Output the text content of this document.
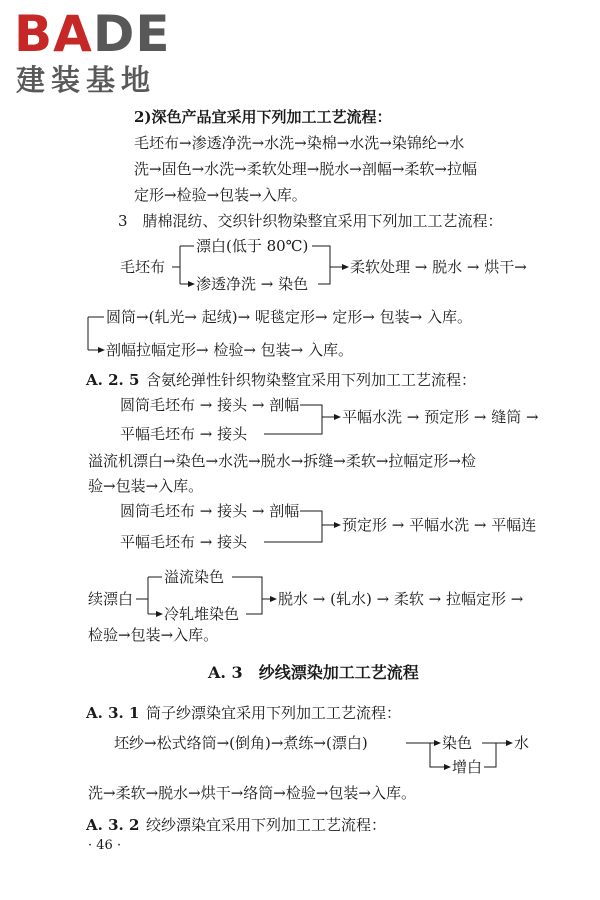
BADE
建装基地
2)深色产品宜采用下列加工工艺流程：
毛坯布→渗透净洗→水洗→染棉→水洗→染锦纶→水
洗→固色→水洗→柔软处理→脱水→剖幅→柔软→拉幅
定形→检验→包装→入库。
3　腈棉混纺、交织针织物染整宜采用下列加工工艺流程：
毛坯布
漂白(低于 80℃)
渗透净洗 → 染色
柔软处理 → 脱水 → 烘干→
圆筒→(轧光→ 起绒)→ 呢毯定形→ 定形→ 包装→ 入库。
剖幅拉幅定形→ 检验→ 包装→ 入库。
A. 2. 5 含氨纶弹性针织物染整宜采用下列加工工艺流程：
圆筒毛坯布 → 接头 → 剖幅
平幅毛坯布 → 接头
平幅水洗 → 预定形 → 缝筒 →
溢流机漂白→染色→水洗→脱水→拆缝→柔软→拉幅定形→检
验→包装→入库。
圆筒毛坯布 → 接头 → 剖幅
平幅毛坯布 → 接头
预定形 → 平幅水洗 → 平幅连
续漂白
溢流染色
冷轧堆染色
脱水 → (轧水) → 柔软 → 拉幅定形 →
检验→包装→入库。
A. 3　纱线漂染加工工艺流程
A. 3. 1 筒子纱漂染宜采用下列加工工艺流程：
坯纱→松式络筒→(倒角)→煮练→(漂白)	染色
增白
水
洗→柔软→脱水→烘干→络筒→检验→包装→入库。
A. 3. 2 绞纱漂染宜采用下列加工工艺流程：
· 46 ·
